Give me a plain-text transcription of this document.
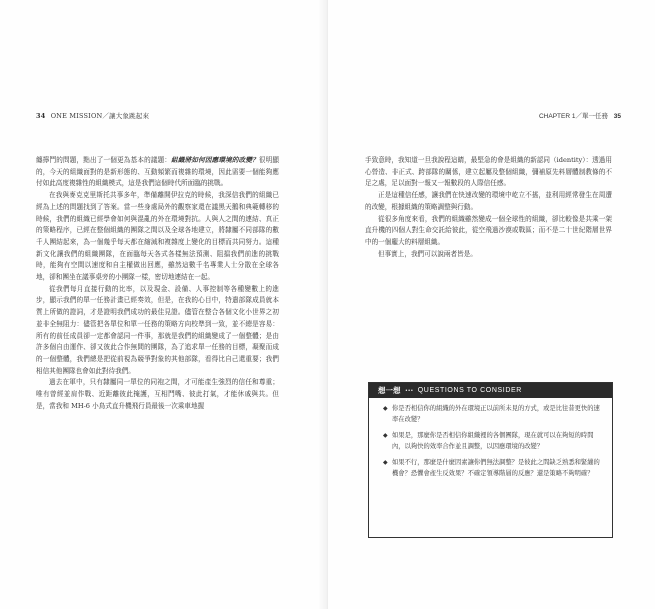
34 ONE MISSION／讓大象跳起來

纏擰鬥的問題，點出了一個更為基本的議題：組織將如何因應環境的改變？很明顯的，今天的組織面對的是新形態的、互動頻繁而複雜的環境，因此需要一個能夠應付如此高度複雜性的組織模式，這是我們這個時代所面臨的挑戰。

在我與麥克克里斯托共事多年，準備離開伊拉克的時候，我深信我們的組織已經為上述的問題找到了答案。當一些身處局外的觀察家還在議黑天鵝和典範轉移的時候，我們的組織已經學會如何與混亂的外在環境對抗。人與人之間的連結、真正的策略程序，已經在整個組織的團隊之間以及全球各地建立，將隸屬不同部隊的數千人團結起來，為一個幾乎每天都在縮減和複雜度上變化的目標而共同努力。這種新文化讓我們的組織團隊，在面臨每天各式各樣無法預測、阻擋我們前進的挑戰時，能夠有空間以速度和自主權做出回應，雖然這數千名專業人士分散在全球各地，卻和團坐在議事桌旁的小團隊一樣，密切地連結在一起。

從我們每月直接行動的比率，以及現金、設備、人事控制等各種變數上的進步，顯示我們的單一任務計畫已經奏效，但是，在我的心目中，特遣部隊成員就本質上所做的證詞，才是證明我們成功的最佳見證。儘管在整合各個文化小世界之初並非全無阻力：儘管把各單位和單一任務的策略方向校準到一致，並不總是容易：所有的前任成員卻一定都會認同一件事，那就是我們的組織變成了一個整體；是由許多個自由運作、卻又彼此合作無間的團隊，為了追求單一任務的目標，凝聚而成的一個整體，我們總是把從前視為競爭對象的其他部隊，看得比自己還重要；我們相信其他團隊也會如此對待我們。

過去在軍中，只有隸屬同一單位的同袍之間，才可能產生強烈的信任和尊重；唯有曾經並肩作戰、近距離彼此掩護，互相鬥嘴、彼此打氣，才能休戚與共。但是，當我和 MH-6 小鳥式直升機飛行員最後一次乘車地握

CHAPTER 1／單一任務 35

手致意時，我知道一旦我說程這睛，最堅急的會是組織的新認同（identity）：透過用心營造、非正式、跨部隊的關係，建立起屬及整個組織，彌補原先料層體制教條的不足之處，足以面對一報又一報數段的人際信任感。

正是這種信任感，讓我們在快速改變的環境中屹立不搖，並利用經常發生在周遭的改變，根據組織的策略調整與行動。

從很多角度來看，我們的組織雖然變成一個全球性的組織，卻比較像是共乘一架直升機的四個人對生命交託給彼此，從空飛過沙漠或戰區；而不是二十世紀階層世界中的一個龐大的料層組織。

但事實上，我們可以說兩者皆是。

想一想 ••• QUESTIONS TO CONSIDER
◆ 你是否相信你的組織的外在環境正以前所未見的方式，或是比往昔更快的速率在改變？
◆ 如果是，那麼你是否相信你組織裡的各個團隊，現在就可以在夠短的時間內，以夠快的效率合作並且調整，以因應環境的改變？
◆ 如果不行，那麼是什麼因素讓你們無法調整？是彼此之間缺乏熟悉和緊繃的機會？恐懼會產生反效果？不確定領導階層的反應？還是策略不夠明確？
